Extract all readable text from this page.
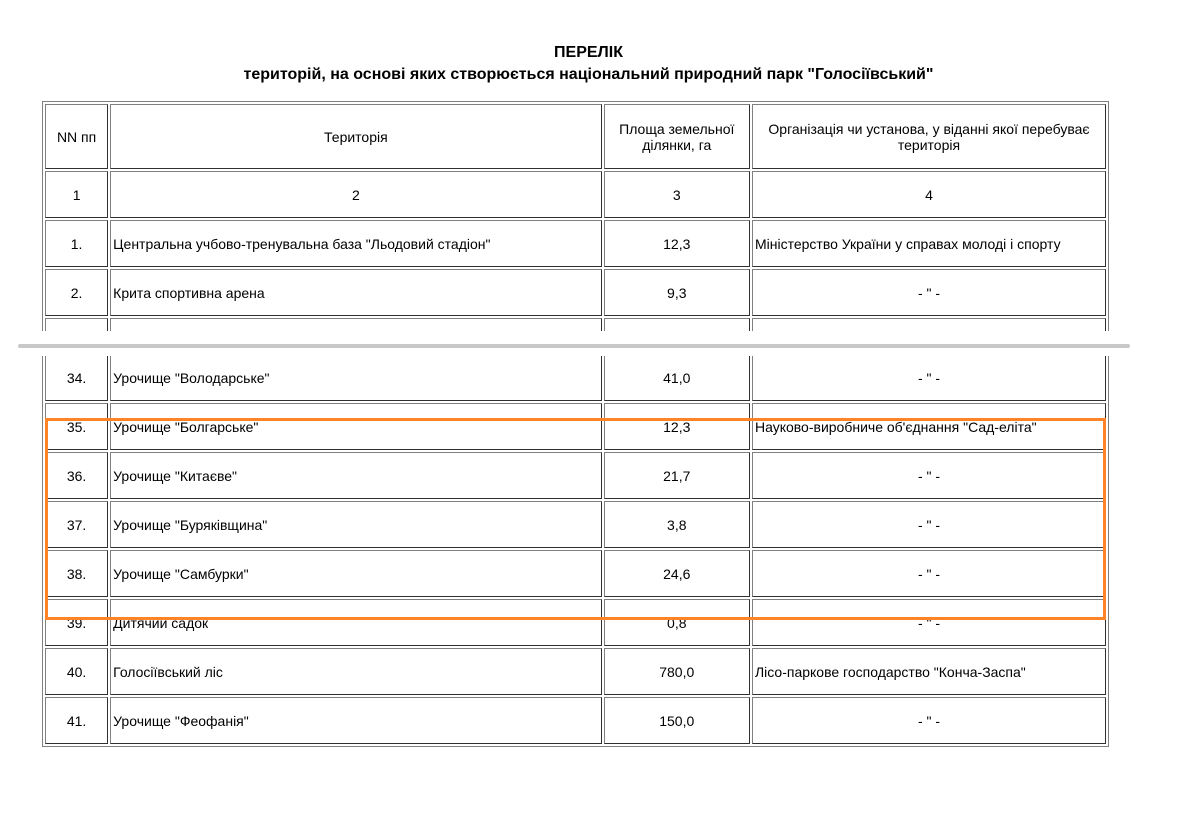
ПЕРЕЛІК
територій, на основі яких створюється національний природний парк "Голосіївський"
NN пп	Територія	Площа земельної ділянки, га	Організація чи установа, у віданні якої перебуває територія
1	2	3	4
1.	Центральна учбово-тренувальна база "Льодовий стадіон"	12,3	Міністерство України у справах молоді і спорту
2.	Крита спортивна арена	9,3	- " -

34.	Урочище "Володарське"	41,0	- " -
35.	Урочище "Болгарське"	12,3	Науково-виробниче об'єднання "Сад-еліта"
36.	Урочище "Китаєве"	21,7	- " -
37.	Урочище "Буряківщина"	3,8	- " -
38.	Урочище "Самбурки"	24,6	- " -
39.	Дитячий садок	0,8	- " -
40.	Голосіївський ліс	780,0	Лісо-паркове господарство "Конча-Заспа"
41.	Урочище "Феофанія"	150,0	- " -
